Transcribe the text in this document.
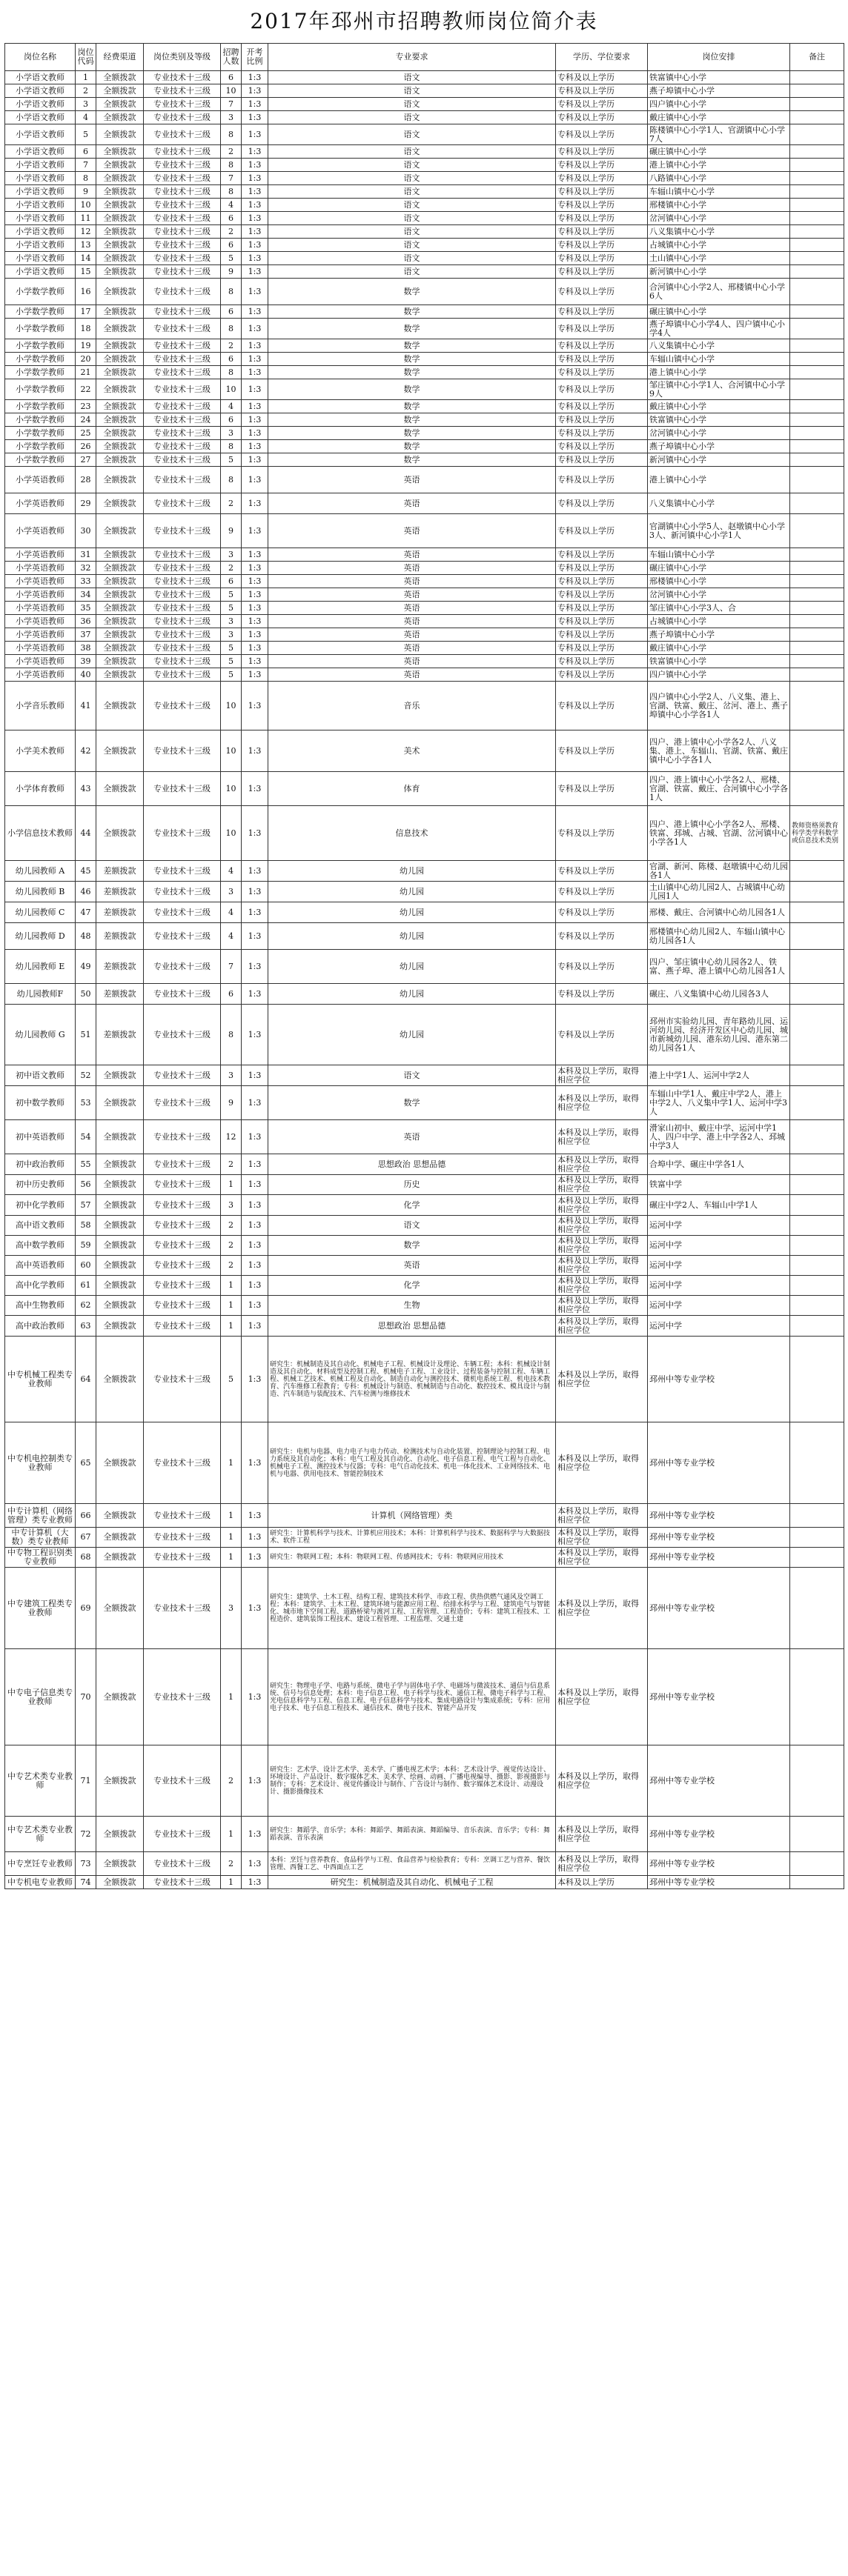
2017年邳州市招聘教师岗位简介表
岗位名称	岗位代码	经费渠道	岗位类别及等级	招聘人数	开考比例	专业要求	学历、学位要求	岗位安排	备注
小学语文教师	1	全额拨款	专业技术十三级	6	1:3	语文	专科及以上学历	铁富镇中心小学	
小学语文教师	2	全额拨款	专业技术十三级	10	1:3	语文	专科及以上学历	燕子埠镇中心小学	
小学语文教师	3	全额拨款	专业技术十三级	7	1:3	语文	专科及以上学历	四户镇中心小学	
小学语文教师	4	全额拨款	专业技术十三级	3	1:3	语文	专科及以上学历	戴庄镇中心小学	
小学语文教师	5	全额拨款	专业技术十三级	8	1:3	语文	专科及以上学历	陈楼镇中心小学1人、官湖镇中心小学7人	
小学语文教师	6	全额拨款	专业技术十三级	2	1:3	语文	专科及以上学历	碾庄镇中心小学	
小学语文教师	7	全额拨款	专业技术十三级	8	1:3	语文	专科及以上学历	港上镇中心小学	
小学语文教师	8	全额拨款	专业技术十三级	7	1:3	语文	专科及以上学历	八路镇中心小学	
小学语文教师	9	全额拨款	专业技术十三级	8	1:3	语文	专科及以上学历	车辐山镇中心小学	
小学语文教师	10	全额拨款	专业技术十三级	4	1:3	语文	专科及以上学历	邢楼镇中心小学	
小学语文教师	11	全额拨款	专业技术十三级	6	1:3	语文	专科及以上学历	岔河镇中心小学	
小学语文教师	12	全额拨款	专业技术十三级	2	1:3	语文	专科及以上学历	八义集镇中心小学	
小学语文教师	13	全额拨款	专业技术十三级	6	1:3	语文	专科及以上学历	占城镇中心小学	
小学语文教师	14	全额拨款	专业技术十三级	5	1:3	语文	专科及以上学历	土山镇中心小学	
小学语文教师	15	全额拨款	专业技术十三级	9	1:3	语文	专科及以上学历	新河镇中心小学	
小学数学教师	16	全额拨款	专业技术十三级	8	1:3	数学	专科及以上学历	合河镇中心小学2人、邢楼镇中心小学6人	
小学数学教师	17	全额拨款	专业技术十三级	6	1:3	数学	专科及以上学历	碾庄镇中心小学	
小学数学教师	18	全额拨款	专业技术十三级	8	1:3	数学	专科及以上学历	燕子埠镇中心小学4人、四户镇中心小学4人	
小学数学教师	19	全额拨款	专业技术十三级	2	1:3	数学	专科及以上学历	八义集镇中心小学	
小学数学教师	20	全额拨款	专业技术十三级	6	1:3	数学	专科及以上学历	车辐山镇中心小学	
小学数学教师	21	全额拨款	专业技术十三级	8	1:3	数学	专科及以上学历	港上镇中心小学	
小学数学教师	22	全额拨款	专业技术十三级	10	1:3	数学	专科及以上学历	邹庄镇中心小学1人、合河镇中心小学9人	
小学数学教师	23	全额拨款	专业技术十三级	4	1:3	数学	专科及以上学历	戴庄镇中心小学	
小学数学教师	24	全额拨款	专业技术十三级	6	1:3	数学	专科及以上学历	铁富镇中心小学	
小学数学教师	25	全额拨款	专业技术十三级	3	1:3	数学	专科及以上学历	岔河镇中心小学	
小学数学教师	26	全额拨款	专业技术十三级	8	1:3	数学	专科及以上学历	燕子埠镇中心小学	
小学数学教师	27	全额拨款	专业技术十三级	5	1:3	数学	专科及以上学历	新河镇中心小学	
小学英语教师	28	全额拨款	专业技术十三级	8	1:3	英语	专科及以上学历	港上镇中心小学	
小学英语教师	29	全额拨款	专业技术十三级	2	1:3	英语	专科及以上学历	八义集镇中心小学	
小学英语教师	30	全额拨款	专业技术十三级	9	1:3	英语	专科及以上学历	官湖镇中心小学5人、赵墩镇中心小学3人、新河镇中心小学1人	
小学英语教师	31	全额拨款	专业技术十三级	3	1:3	英语	专科及以上学历	车辐山镇中心小学	
小学英语教师	32	全额拨款	专业技术十三级	2	1:3	英语	专科及以上学历	碾庄镇中心小学	
小学英语教师	33	全额拨款	专业技术十三级	6	1:3	英语	专科及以上学历	邢楼镇中心小学	
小学英语教师	34	全额拨款	专业技术十三级	5	1:3	英语	专科及以上学历	岔河镇中心小学	
小学英语教师	35	全额拨款	专业技术十三级	5	1:3	英语	专科及以上学历	邹庄镇中心小学3人、合	
小学英语教师	36	全额拨款	专业技术十三级	3	1:3	英语	专科及以上学历	占城镇中心小学	
小学英语教师	37	全额拨款	专业技术十三级	3	1:3	英语	专科及以上学历	燕子埠镇中心小学	
小学英语教师	38	全额拨款	专业技术十三级	5	1:3	英语	专科及以上学历	戴庄镇中心小学	
小学英语教师	39	全额拨款	专业技术十三级	5	1:3	英语	专科及以上学历	铁富镇中心小学	
小学英语教师	40	全额拨款	专业技术十三级	5	1:3	英语	专科及以上学历	四户镇中心小学	
小学音乐教师	41	全额拨款	专业技术十三级	10	1:3	音乐	专科及以上学历	四户镇中心小学2人、八义集、港上、官湖、铁富、戴庄、岔河、港上、燕子埠镇中心小学各1人	
小学美术教师	42	全额拨款	专业技术十三级	10	1:3	美术	专科及以上学历	四户、港上镇中心小学各2人、八义集、港上、车辐山、官湖、铁富、戴庄镇中心小学各1人	
小学体育教师	43	全额拨款	专业技术十三级	10	1:3	体育	专科及以上学历	四户、港上镇中心小学各2人、邢楼、官湖、铁富、戴庄、合河镇中心小学各1人	
小学信息技术教师	44	全额拨款	专业技术十三级	10	1:3	信息技术	专科及以上学历	四户、港上镇中心小学各2人、邢楼、铁富、邳城、占城、官湖、岔河镇中心小学各1人	教师资格须教育科学类学科数学或信息技术类别
幼儿园教师 A	45	差额拨款	专业技术十三级	4	1:3	幼儿园	专科及以上学历	官湖、新河、陈楼、赵墩镇中心幼儿园各1人	
幼儿园教师 B	46	差额拨款	专业技术十三级	3	1:3	幼儿园	专科及以上学历	土山镇中心幼儿园2人、占城镇中心幼儿园1人	
幼儿园教师 C	47	差额拨款	专业技术十三级	4	1:3	幼儿园	专科及以上学历	邢楼、戴庄、合河镇中心幼儿园各1人	
幼儿园教师 D	48	差额拨款	专业技术十三级	4	1:3	幼儿园	专科及以上学历	邢楼镇中心幼儿园2人、车辐山镇中心幼儿园各1人	
幼儿园教师 E	49	差额拨款	专业技术十三级	7	1:3	幼儿园	专科及以上学历	四户、邹庄镇中心幼儿园各2人、铁富、燕子埠、港上镇中心幼儿园各1人	
幼儿园教师F	50	差额拨款	专业技术十三级	6	1:3	幼儿园	专科及以上学历	碾庄、八义集镇中心幼儿园各3人	
幼儿园教师 G	51	差额拨款	专业技术十三级	8	1:3	幼儿园	专科及以上学历	邳州市实验幼儿园、青年路幼儿园、运河幼儿园、经济开发区中心幼儿园、城市新城幼儿园、港东幼儿园、港东第二幼儿园各1人	
初中语文教师	52	全额拨款	专业技术十三级	3	1:3	语文	本科及以上学历，取得相应学位	港上中学1人、运河中学2人	
初中数学教师	53	全额拨款	专业技术十三级	9	1:3	数学	本科及以上学历，取得相应学位	车辐山中学1人、戴庄中学2人、港上中学2人、八义集中学1人、运河中学3人	
初中英语教师	54	全额拨款	专业技术十三级	12	1:3	英语	本科及以上学历，取得相应学位	滑家山初中、戴庄中学、运河中学1人、四户中学、港上中学各2人、邳城中学3人	
初中政治教师	55	全额拨款	专业技术十三级	2	1:3	思想政治 思想品德	本科及以上学历，取得相应学位	合埠中学、碾庄中学各1人	
初中历史教师	56	全额拨款	专业技术十三级	1	1:3	历史	本科及以上学历，取得相应学位	铁富中学	
初中化学教师	57	全额拨款	专业技术十三级	3	1:3	化学	本科及以上学历，取得相应学位	碾庄中学2人、车辐山中学1人	
高中语文教师	58	全额拨款	专业技术十三级	2	1:3	语文	本科及以上学历，取得相应学位	运河中学	
高中数学教师	59	全额拨款	专业技术十三级	2	1:3	数学	本科及以上学历，取得相应学位	运河中学	
高中英语教师	60	全额拨款	专业技术十三级	2	1:3	英语	本科及以上学历，取得相应学位	运河中学	
高中化学教师	61	全额拨款	专业技术十三级	1	1:3	化学	本科及以上学历，取得相应学位	运河中学	
高中生物教师	62	全额拨款	专业技术十三级	1	1:3	生物	本科及以上学历，取得相应学位	运河中学	
高中政治教师	63	全额拨款	专业技术十三级	1	1:3	思想政治 思想品德	本科及以上学历，取得相应学位	运河中学	
中专机械工程类专业教师	64	全额拨款	专业技术十三级	5	1:3	研究生：机械制造及其自动化、机械电子工程、机械设计及理论、车辆工程；本科：机械设计制造及其自动化、材料成型及控制工程、机械电子工程、工业设计、过程装备与控制工程、车辆工程、机械工艺技术、机械工程及自动化、制造自动化与测控技术、微机电系统工程、机电技术教育、汽车维修工程教育；专科：机械设计与制造、机械制造与自动化、数控技术、模具设计与制造、汽车制造与装配技术、汽车检测与维修技术	本科及以上学历，取得相应学位	邳州中等专业学校	
中专机电控制类专业教师	65	全额拨款	专业技术十三级	1	1:3	研究生：电机与电器、电力电子与电力传动、检测技术与自动化装置、控制理论与控制工程、电力系统及其自动化；本科：电气工程及其自动化、自动化、电子信息工程、电气工程与自动化、机械电子工程、测控技术与仪器；专科：电气自动化技术、机电一体化技术、工业网络技术、电机与电器、供用电技术、智能控制技术	本科及以上学历，取得相应学位	邳州中等专业学校	
中专计算机（网络管理）类专业教师	66	全额拨款	专业技术十三级	1	1:3	计算机（网络管理）类	本科及以上学历，取得相应学位	邳州中等专业学校	
中专计算机（大数）类专业教师	67	全额拨款	专业技术十三级	1	1:3	研究生：计算机科学与技术、计算机应用技术；本科：计算机科学与技术、数据科学与大数据技术、软件工程	本科及以上学历，取得相应学位	邳州中等专业学校	
中专物工程识别类专业教师	68	全额拨款	专业技术十三级	1	1:3	研究生：物联网工程；本科：物联网工程、传感网技术；专科：物联网应用技术	本科及以上学历，取得相应学位	邳州中等专业学校	
中专建筑工程类专业教师	69	全额拨款	专业技术十三级	3	1:3	研究生：建筑学、土木工程、结构工程、建筑技术科学、市政工程、供热供燃气通风及空调工程；本科：建筑学、土木工程、建筑环境与能源应用工程、给排水科学与工程、建筑电气与智能化、城市地下空间工程、道路桥梁与渡河工程、工程管理、工程造价；专科：建筑工程技术、工程造价、建筑装饰工程技术、建设工程管理、工程监理、交通土建	本科及以上学历，取得相应学位	邳州中等专业学校	
中专电子信息类专业教师	70	全额拨款	专业技术十三级	1	1:3	研究生：物理电子学、电路与系统、微电子学与固体电子学、电磁场与微波技术、通信与信息系统、信号与信息处理；本科：电子信息工程、电子科学与技术、通信工程、微电子科学与工程、光电信息科学与工程、信息工程、电子信息科学与技术、集成电路设计与集成系统；专科：应用电子技术、电子信息工程技术、通信技术、微电子技术、智能产品开发	本科及以上学历，取得相应学位	邳州中等专业学校	
中专艺术类专业教师	71	全额拨款	专业技术十三级	2	1:3	研究生：艺术学、设计艺术学、美术学、广播电视艺术学；本科：艺术设计学、视觉传达设计、环境设计、产品设计、数字媒体艺术、美术学、绘画、动画、广播电视编导、摄影、影视摄影与制作；专科：艺术设计、视觉传播设计与制作、广告设计与制作、数字媒体艺术设计、动漫设计、摄影摄像技术	本科及以上学历，取得相应学位	邳州中等专业学校	
中专艺术类专业教师	72	全额拨款	专业技术十三级	1	1:3	研究生：舞蹈学、音乐学；本科：舞蹈学、舞蹈表演、舞蹈编导、音乐表演、音乐学；专科：舞蹈表演、音乐表演	本科及以上学历，取得相应学位	邳州中等专业学校	
中专烹饪专业教师	73	全额拨款	专业技术十三级	2	1:3	本科：烹饪与营养教育、食品科学与工程、食品营养与检验教育；专科：烹调工艺与营养、餐饮管理、西餐工艺、中西面点工艺	本科及以上学历，取得相应学位	邳州中等专业学校	
中专机电专业教师	74	全额拨款	专业技术十三级	1	1:3	研究生：机械制造及其自动化、机械电子工程	本科及以上学历	邳州中等专业学校	
